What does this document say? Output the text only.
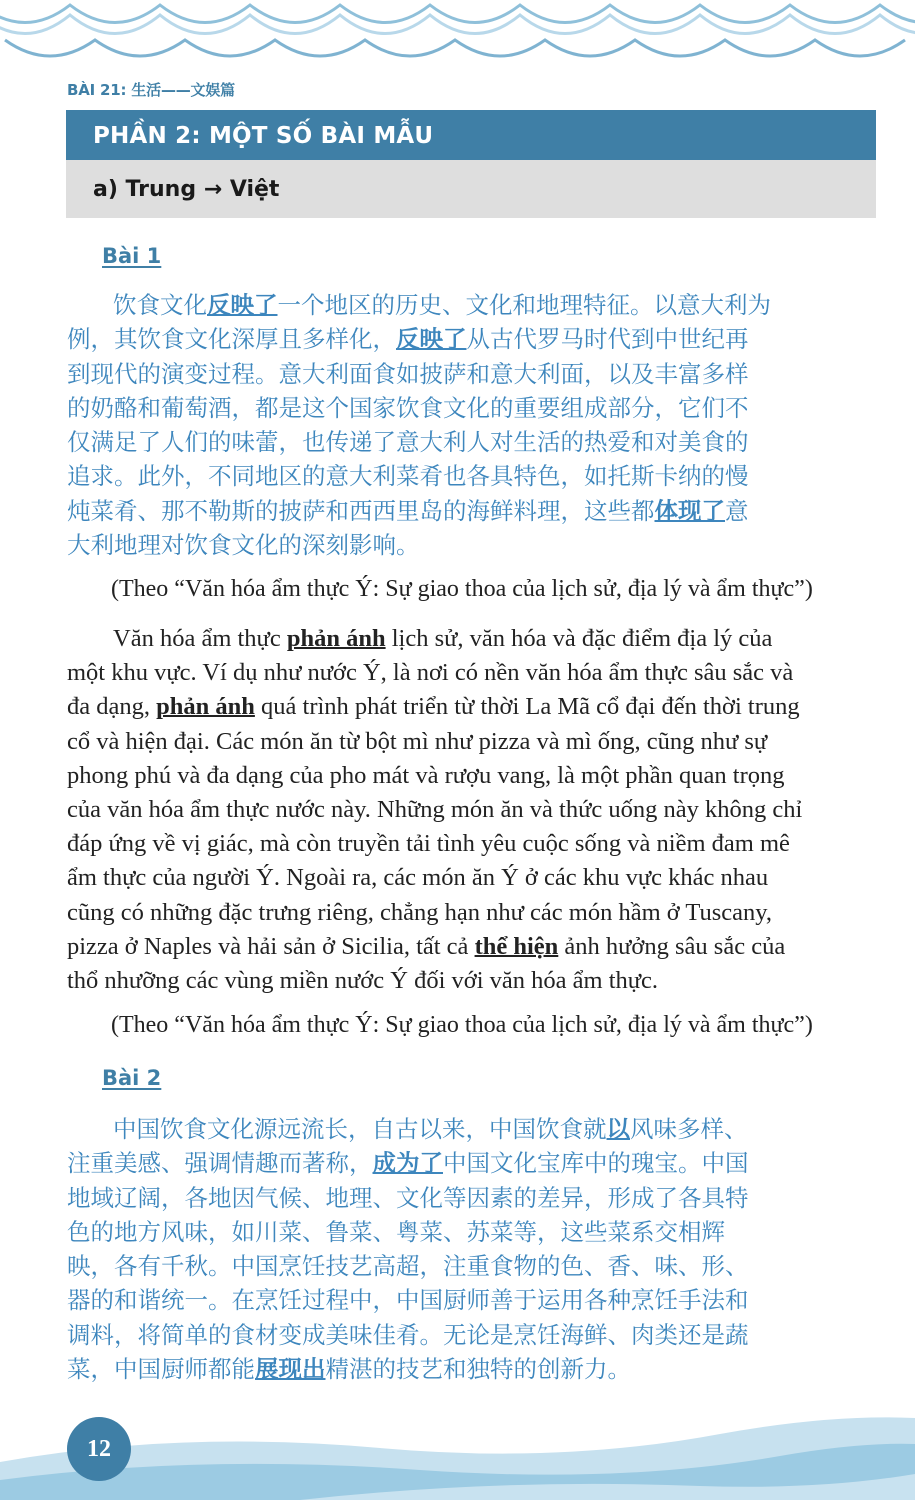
BÀI 21: 生活——文娱篇
PHẦN 2: MỘT SỐ BÀI MẪU
a) Trung → Việt
Bài 1
饮食文化反映了一个地区的历史、文化和地理特征。以意大利为
例，其饮食文化深厚且多样化，反映了从古代罗马时代到中世纪再
到现代的演变过程。意大利面食如披萨和意大利面，以及丰富多样
的奶酪和葡萄酒，都是这个国家饮食文化的重要组成部分，它们不
仅满足了人们的味蕾，也传递了意大利人对生活的热爱和对美食的
追求。此外，不同地区的意大利菜肴也各具特色，如托斯卡纳的慢
炖菜肴、那不勒斯的披萨和西西里岛的海鲜料理，这些都体现了意
大利地理对饮食文化的深刻影响。
(Theo “Văn hóa ẩm thực Ý: Sự giao thoa của lịch sử, địa lý và ẩm thực”)
Văn hóa ẩm thực phản ánh lịch sử, văn hóa và đặc điểm địa lý của
một khu vực. Ví dụ như nước Ý, là nơi có nền văn hóa ẩm thực sâu sắc và
đa dạng, phản ánh quá trình phát triển từ thời La Mã cổ đại đến thời trung
cổ và hiện đại. Các món ăn từ bột mì như pizza và mì ống, cũng như sự
phong phú và đa dạng của pho mát và rượu vang, là một phần quan trọng
của văn hóa ẩm thực nước này. Những món ăn và thức uống này không chỉ
đáp ứng về vị giác, mà còn truyền tải tình yêu cuộc sống và niềm đam mê
ẩm thực của người Ý. Ngoài ra, các món ăn Ý ở các khu vực khác nhau
cũng có những đặc trưng riêng, chẳng hạn như các món hầm ở Tuscany,
pizza ở Naples và hải sản ở Sicilia, tất cả thể hiện ảnh hưởng sâu sắc của
thổ nhưỡng các vùng miền nước Ý đối với văn hóa ẩm thực.
(Theo “Văn hóa ẩm thực Ý: Sự giao thoa của lịch sử, địa lý và ẩm thực”)
Bài 2
中国饮食文化源远流长，自古以来，中国饮食就以风味多样、
注重美感、强调情趣而著称，成为了中国文化宝库中的瑰宝。中国
地域辽阔，各地因气候、地理、文化等因素的差异，形成了各具特
色的地方风味，如川菜、鲁菜、粤菜、苏菜等，这些菜系交相辉
映，各有千秋。中国烹饪技艺高超，注重食物的色、香、味、形、
器的和谐统一。在烹饪过程中，中国厨师善于运用各种烹饪手法和
调料，将简单的食材变成美味佳肴。无论是烹饪海鲜、肉类还是蔬
菜，中国厨师都能展现出精湛的技艺和独特的创新力。
12
